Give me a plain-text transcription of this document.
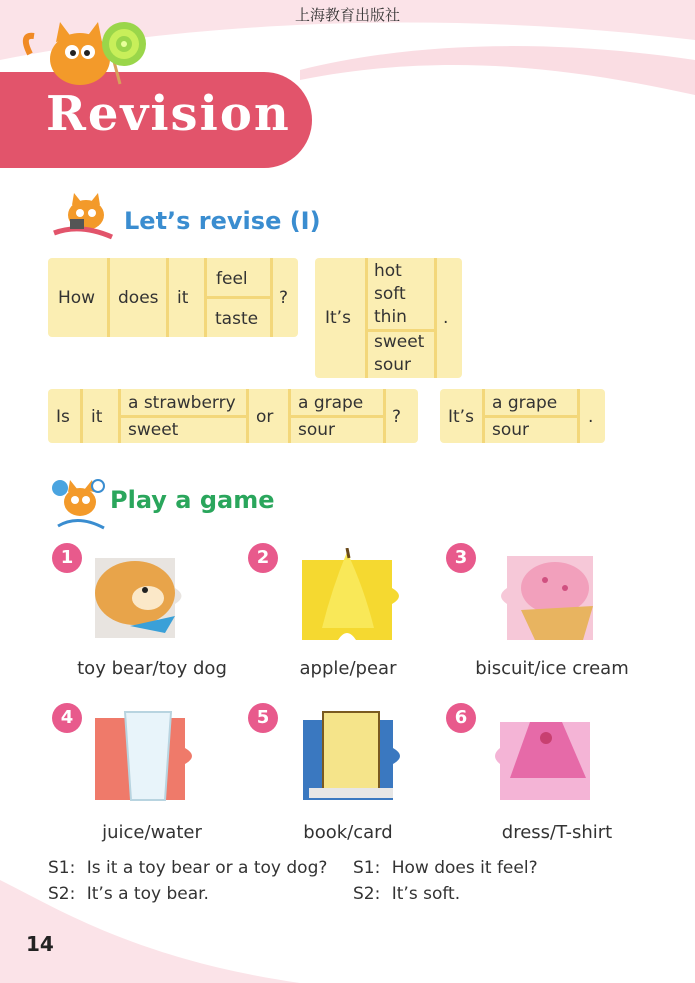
上海教育出版社
Revision 1
Let’s revise (I)
How does it
feel
taste
?
It’s
hot
soft
thin
sweet
sour
.
Is it
a strawberry
sweet
or
a grape
sour
?	It’s
a grape
sour
.
Play a game
1
toy bear/toy dog
2
apple/pear
3
biscuit/ice cream
4
juice/water
5
book/card
6
dress/T-shirt
S1: Is it a toy bear or a toy dog?
S2: It’s a toy bear.
S1: How does it feel?
S2: It’s soft.
14
